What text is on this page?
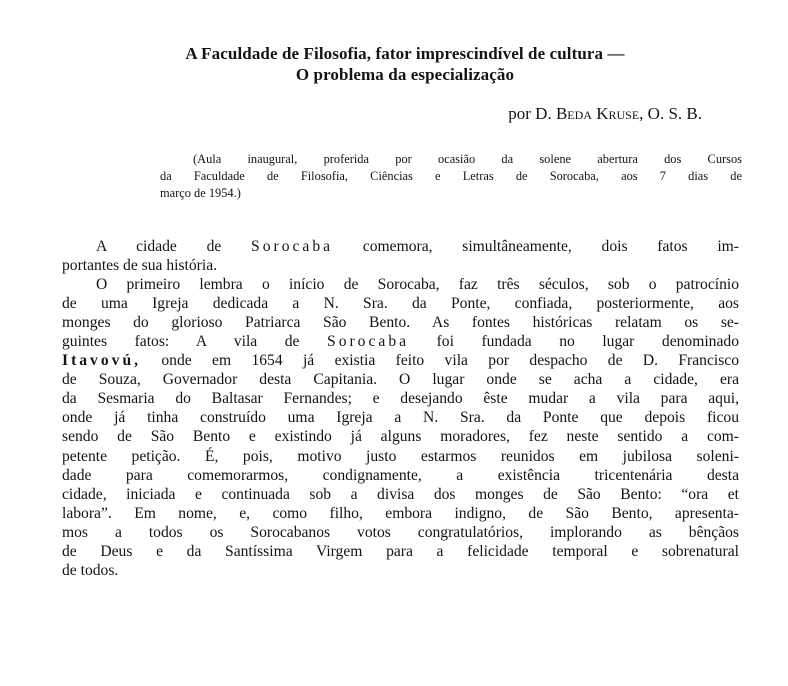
A Faculdade de Filosofia, fator imprescindível de cultura —
O problema da especialização
por D. Beda Kruse, O. S. B.
(Aula inaugural, proferida por ocasião da solene abertura dos Cursos
da Faculdade de Filosofia, Ciências e Letras de Sorocaba, aos 7 dias de
março de 1954.)
A cidade de Sorocaba comemora, simultâneamente, dois fatos im-
portantes de sua história.
O primeiro lembra o início de Sorocaba, faz três séculos, sob o patrocínio
de uma Igreja dedicada a N. Sra. da Ponte, confiada, posteriormente, aos
monges do glorioso Patriarca São Bento. As fontes históricas relatam os se-
guintes fatos: A vila de Sorocaba foi fundada no lugar denominado
Itavovú, onde em 1654 já existia feito vila por despacho de D. Francisco
de Souza, Governador desta Capitania. O lugar onde se acha a cidade, era
da Sesmaria do Baltasar Fernandes; e desejando êste mudar a vila para aqui,
onde já tinha construído uma Igreja a N. Sra. da Ponte que depois ficou
sendo de São Bento e existindo já alguns moradores, fez neste sentido a com-
petente petição. É, pois, motivo justo estarmos reunidos em jubilosa soleni-
dade para comemorarmos, condignamente, a existência tricentenária desta
cidade, iniciada e continuada sob a divisa dos monges de São Bento: “ora et
labora”. Em nome, e, como filho, embora indigno, de São Bento, apresenta-
mos a todos os Sorocabanos votos congratulatórios, implorando as bênçãos
de Deus e da Santíssima Virgem para a felicidade temporal e sobrenatural
de todos.
